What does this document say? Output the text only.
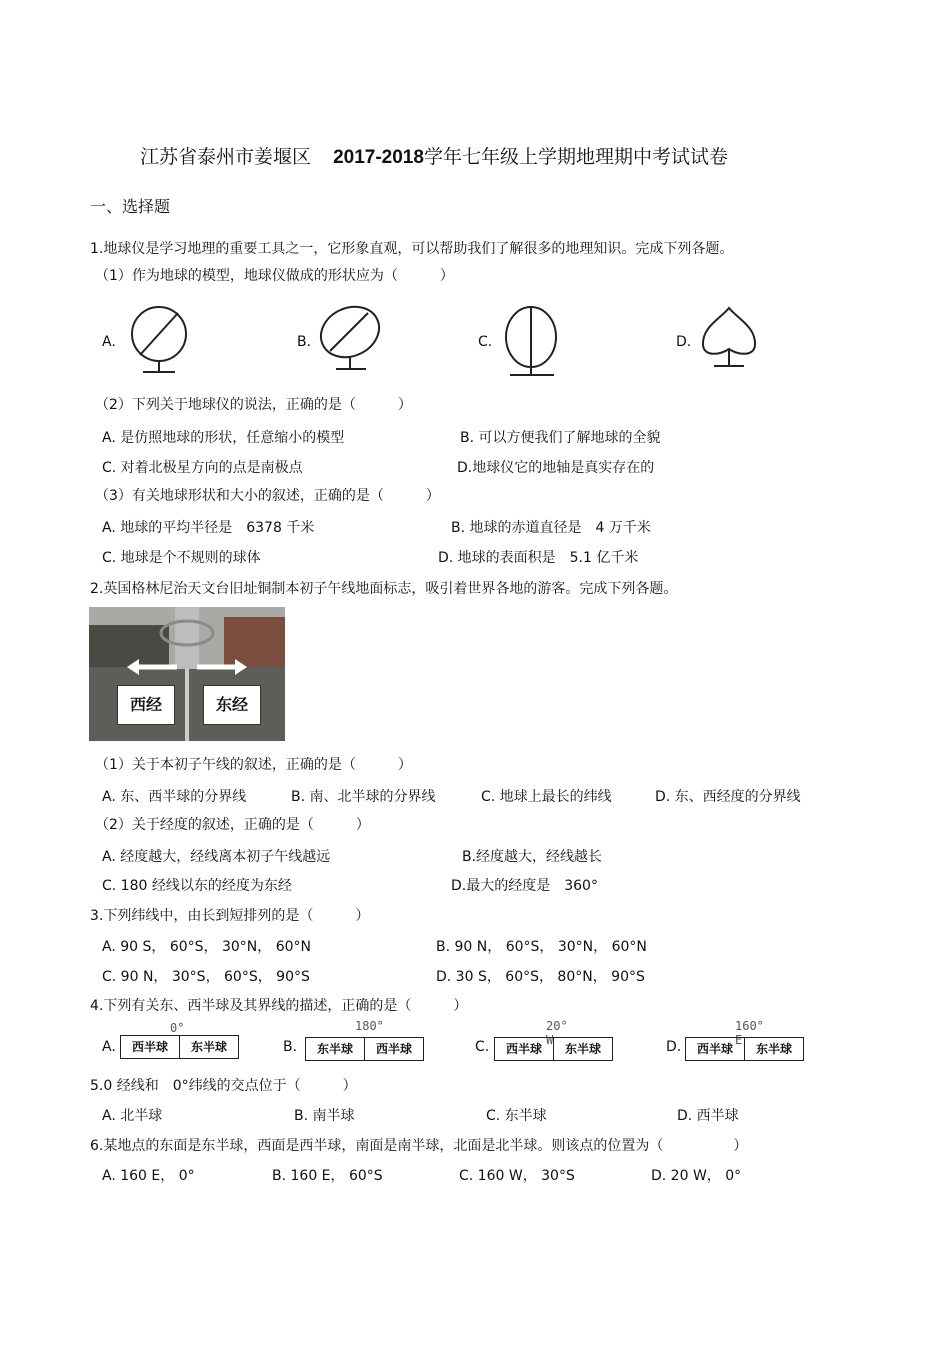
江苏省泰州市姜堰区 2017-2018学年七年级上学期地理期中考试试卷
一、选择题
1.地球仪是学习地理的重要工具之一，它形象直观，可以帮助我们了解很多的地理知识。完成下列各题。
（1）作为地球的模型，地球仪做成的形状应为（　　　）
A.	B.	C.	D.
（2）下列关于地球仪的说法，正确的是（　　　）
A. 是仿照地球的形状，任意缩小的模型	B. 可以方便我们了解地球的全貌
C. 对着北极星方向的点是南极点	D.地球仪它的地轴是真实存在的
（3）有关地球形状和大小的叙述，正确的是（　　　）
A. 地球的平均半径是　6378 千米	B. 地球的赤道直径是　4 万千米
C. 地球是个不规则的球体	D. 地球的表面积是　5.1 亿千米
2.英国格林尼治天文台旧址铜制本初子午线地面标志，吸引着世界各地的游客。完成下列各题。
西经	东经
（1）关于本初子午线的叙述，正确的是（　　　）
A. 东、西半球的分界线	B. 南、北半球的分界线	C. 地球上最长的纬线	D. 东、西经度的分界线
（2）关于经度的叙述，正确的是（　　　）
A. 经度越大，经线离本初子午线越远	B.经度越大，经线越长
C. 180 经线以东的经度为东经	D.最大的经度是　360°
3.下列纬线中，由长到短排列的是（　　　）
A. 90 S， 60°S， 30°N， 60°N	B. 90 N， 60°S， 30°N， 60°N
C. 90 N， 30°S， 60°S， 90°S	D. 30 S， 60°S， 80°N， 90°S
4.下列有关东、西半球及其界线的描述，正确的是（　　　）
A.
0°
西半球	东半球	B.
180°
东半球	西半球	C.
20° W
西半球	东半球	D.
160° E
西半球	东半球
5.0 经线和　0°纬线的交点位于（　　　）
A. 北半球	B. 南半球	C. 东半球	D. 西半球
6.某地点的东面是东半球，西面是西半球，南面是南半球，北面是北半球。则该点的位置为（　　　　　）
A. 160 E， 0°	B. 160 E， 60°S	C. 160 W， 30°S	D. 20 W， 0°
